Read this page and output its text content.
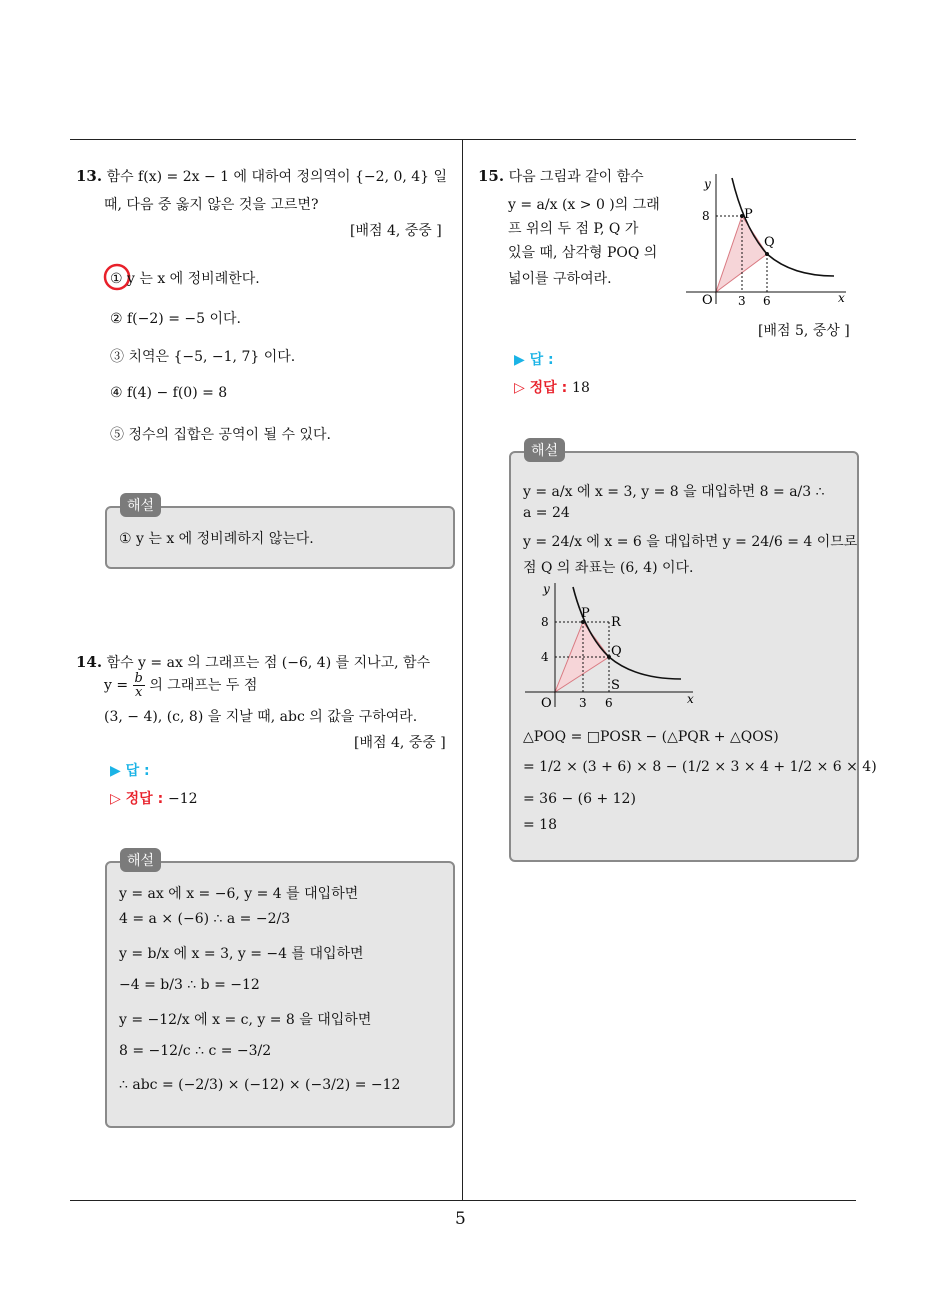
5
13. 함수 f(x) = 2x − 1 에 대하여 정의역이 {−2, 0, 4} 일
때, 다음 중 옳지 않은 것을 고르면?
[배점 4, 중중 ]
① y 는 x 에 정비례한다.
② f(−2) = −5 이다.
③ 치역은 {−5, −1, 7} 이다.
④ f(4) − f(0) = 8
⑤ 정수의 집합은 공역이 될 수 있다.
① y 는 x 에 정비례하지 않는다.
해설
14. 함수 y = ax 의 그래프는 점 (−6, 4) 를 지나고, 함수
$y = \frac{b}{x}$ 의 그래프는 두 점
(3, − 4), (c, 8) 을 지날 때, abc 의 값을 구하여라.
[배점 4, 중중 ]
▶ 답 :
▷ 정답 : −12
y = ax 에 x = −6, y = 4 를 대입하면
4 = a × (−6) ∴ a = −2/3
y = b/x 에 x = 3, y = −4 를 대입하면
−4 = b/3 ∴ b = −12
y = −12/x 에 x = c, y = 8 을 대입하면
8 = −12/c ∴ c = −3/2
∴ abc = (−2/3) × (−12) × (−3/2) = −12
해설
15. 다음 그림과 같이 함수
y = a/x (x > 0 )의 그래
프 위의 두 점 P, Q 가
있을 때, 삼각형 POQ 의
넓이를 구하여라.
y
8	P
Q
O 3 6	x
[배점 5, 중상 ]
▶ 답 :
▷ 정답 : 18
y = a/x 에 x = 3, y = 8 을 대입하면 8 = a/3 ∴
a = 24
y = 24/x 에 x = 6 을 대입하면 y = 24/6 = 4 이므로
점 Q 의 좌표는 (6, 4) 이다.
y
8
4
P
R
Q
S
O 3 6	x
△POQ = □POSR − (△PQR + △QOS)
= 1/2 × (3 + 6) × 8 − (1/2 × 3 × 4 + 1/2 × 6 × 4)
= 36 − (6 + 12)
= 18
해설
